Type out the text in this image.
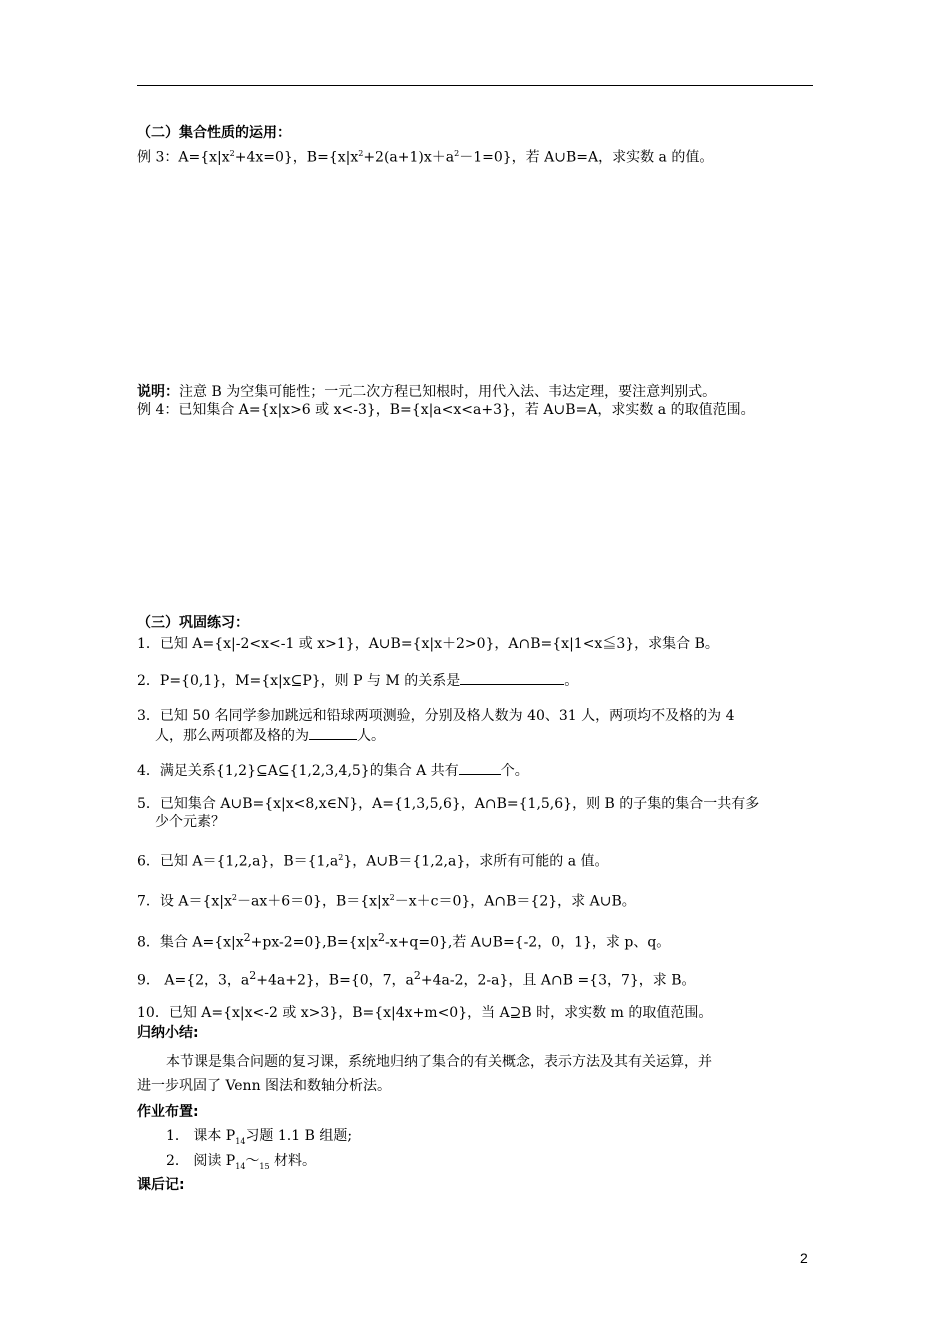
（二）集合性质的运用：
例 3：$A=\{x|x^2+4x=0\}$，$B=\{x|x^2+2(a+1)x+a^2-1=0\}$，若 A∪B=A，求实数 a 的值。
说明：注意 B 为空集可能性；一元二次方程已知根时，用代入法、韦达定理，要注意判别式。
例 4：已知集合 A={x|x>6 或 x<-3}，B={x|a<x<a+3}，若 A∪B=A，求实数 a 的取值范围。
（三）巩固练习：
1．已知 A={x|-2<x<-1 或 x>1}，A∪B={x|x＋2>0}，A∩B={x|1<x≦3}，求集合 B。
2．P={0,1}，M={x|x⊆P}，则 P 与 M 的关系是	。
3．已知 50 名同学参加跳远和铅球两项测验，分别及格人数为 40、31 人，两项均不及格的为 4
人，那么两项都及格的为	人。
4．满足关系{1,2}⊆A⊆{1,2,3,4,5}的集合 A 共有	个。
5．已知集合 A∪B={x|x<8,x∈N}，A={1,3,5,6}，A∩B={1,5,6}，则 B 的子集的集合一共有多
少个元素？
6．已知 A＝{1,2,a}，$B=\{1,a^2\}$，A∪B＝{1,2,a}，求所有可能的 a 值。
7．设 $A=\{x|x^2-ax+6=0\}$，$B=\{x|x^2-x+c=0\}$，A∩B＝{2}，求 A∪B。
8．集合 $A=\{x|x^2+px-2=0\},B=\{x|x^2-x+q=0\}$,若 A∪B={-2，0，1}，求 p、q。
9． A={2，3，$a^2+4a+2$}，B={0，7，$a^2+4a-2$，2-a}，且 A∩B ={3，7}，求 B。
10．已知 A={x|x<-2 或 x>3}，B={x|4x+m<0}，当 A⊇B 时，求实数 m 的取值范围。
归纳小结:
本节课是集合问题的复习课，系统地归纳了集合的有关概念，表示方法及其有关运算，并
进一步巩固了 Venn 图法和数轴分析法。
作业布置:
1． 课本 $P_{14}$习题 1.1 B 组题;
2． 阅读 $P_{14}\sim_{15}$ 材料。
课后记:
2
